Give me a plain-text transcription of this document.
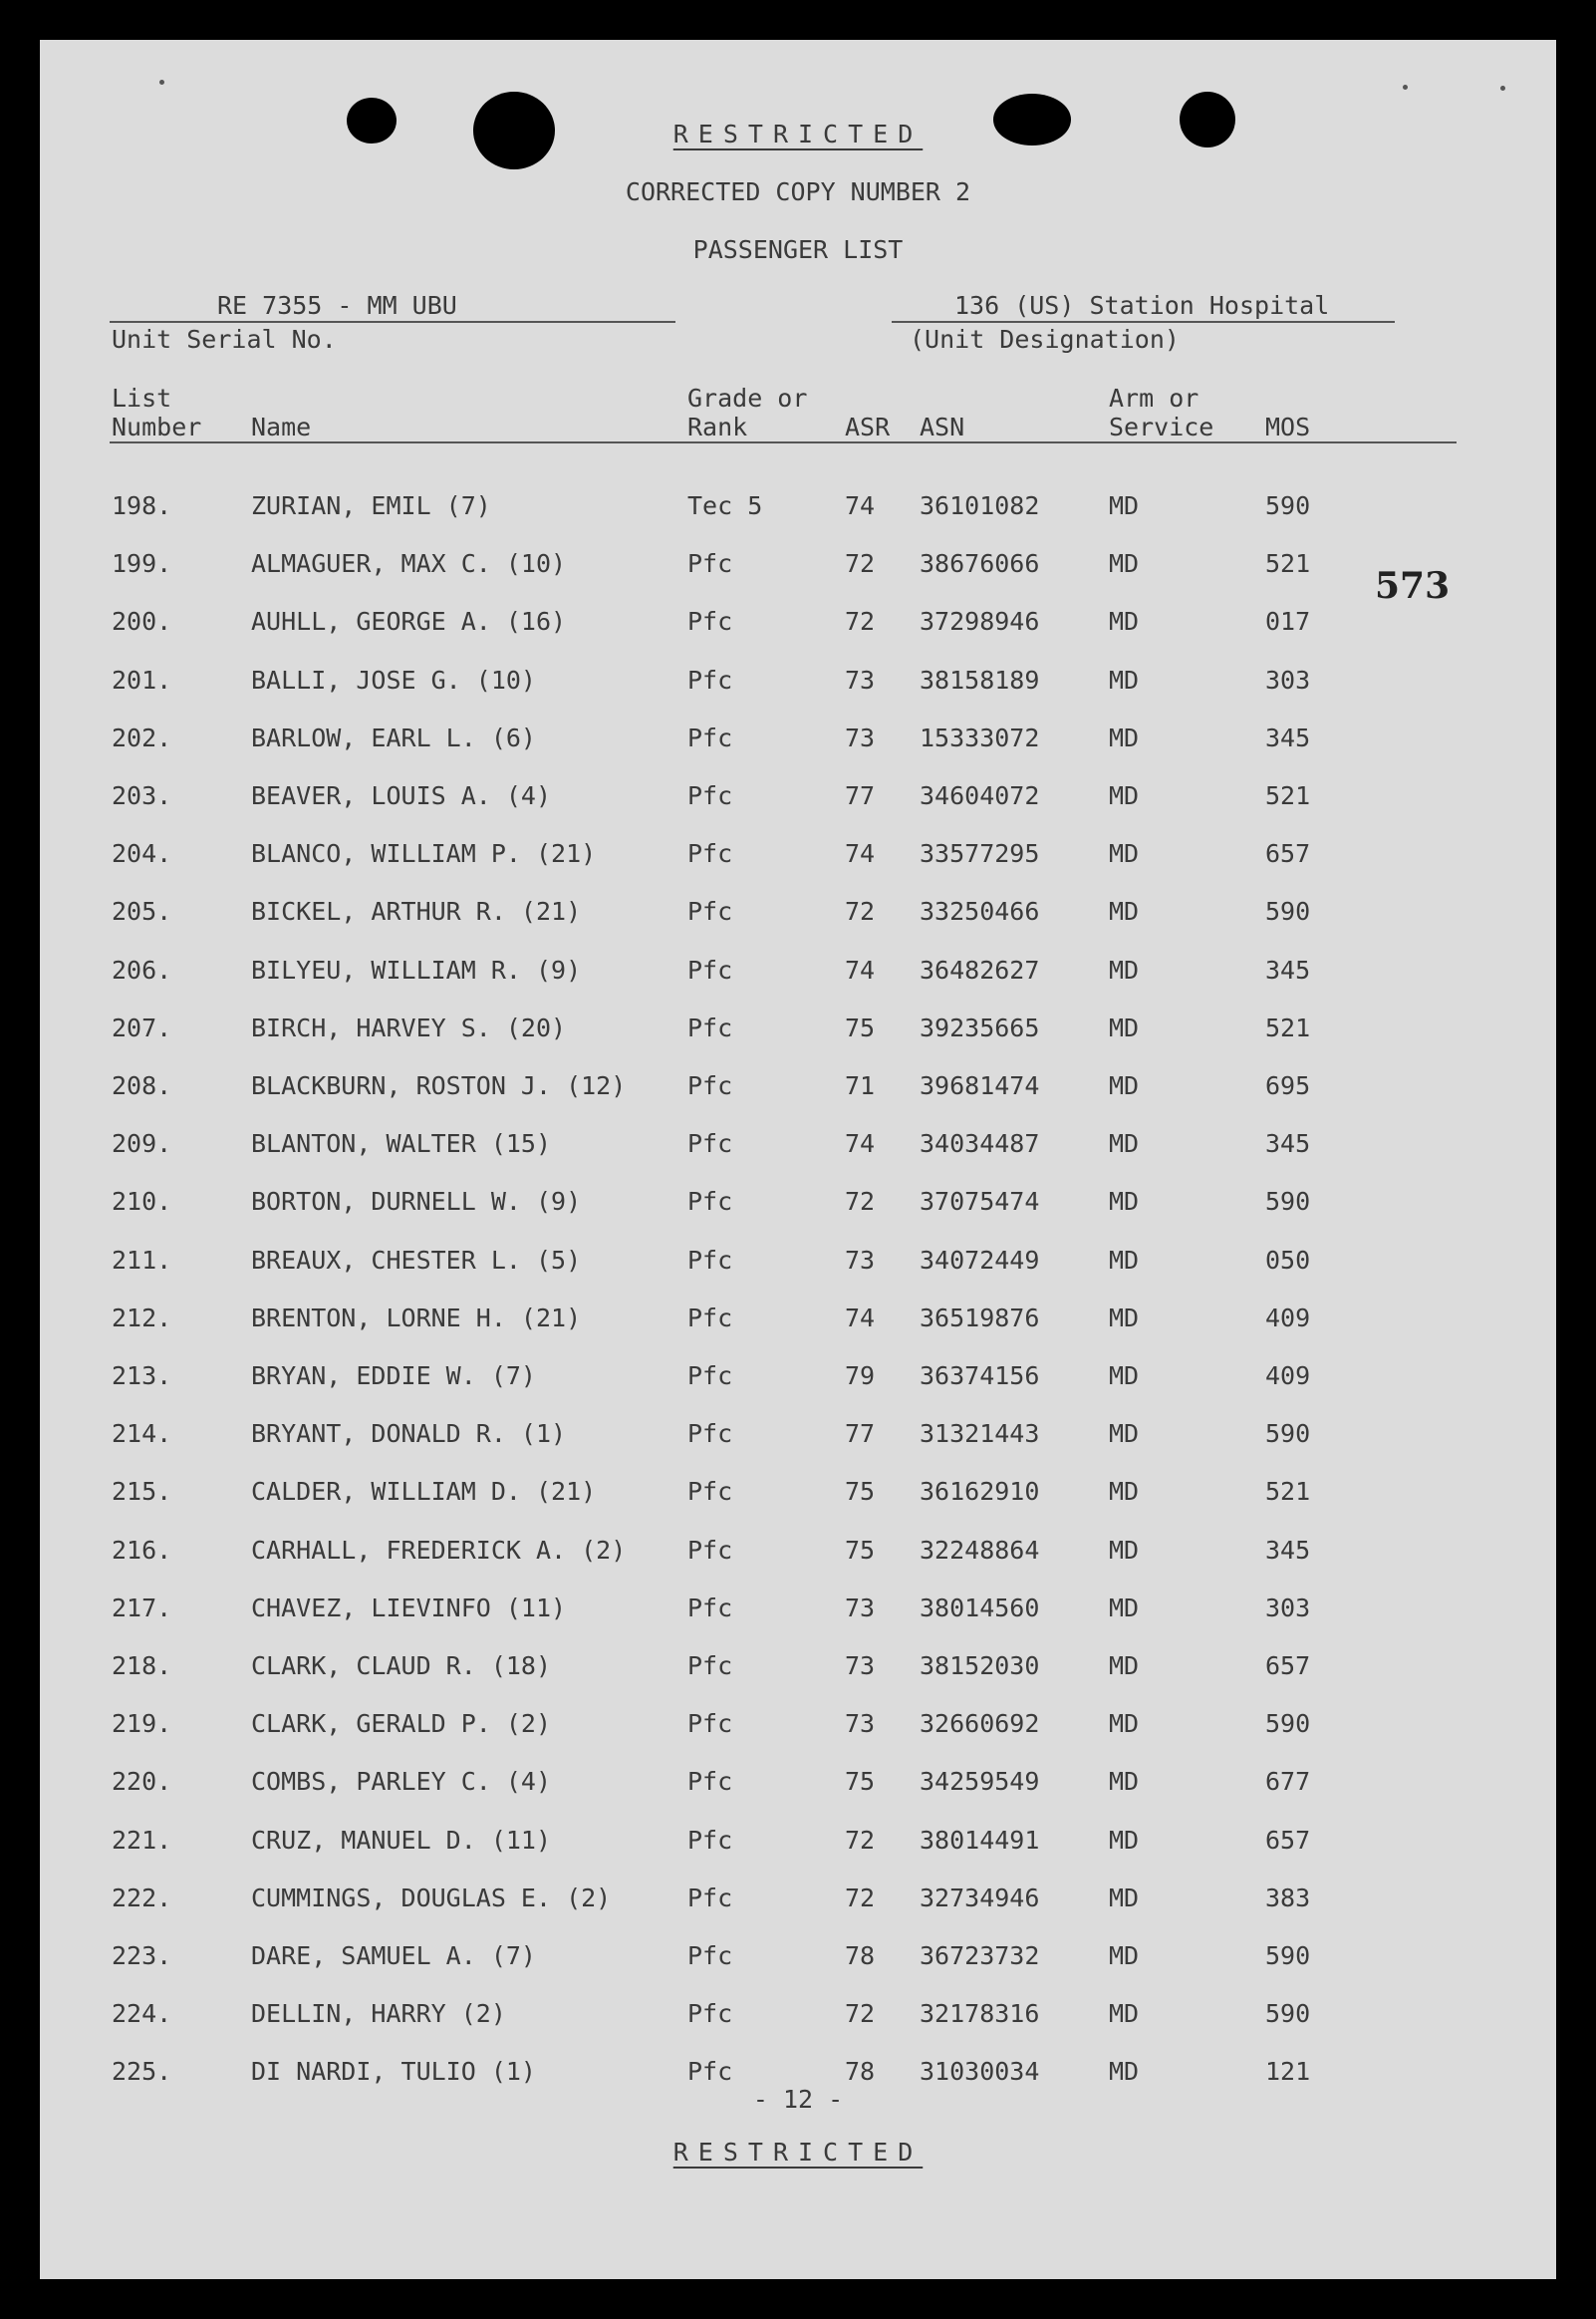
RESTRICTED
CORRECTED COPY NUMBER 2
PASSENGER LIST
RE 7355 - MM UBU
Unit Serial No.
136 (US) Station Hospital
(Unit Designation)
List
Number Name
Grade or
Rank	ASR ASN
Arm or
Service MOS
573
198.	ZURIAN, EMIL (7)	Tec 5	74 36101082	MD	590
199.	ALMAGUER, MAX C. (10)	Pfc	72 38676066	MD	521
200.	AUHLL, GEORGE A. (16)	Pfc	72 37298946	MD	017
201.	BALLI, JOSE G. (10)	Pfc	73 38158189	MD	303
202.	BARLOW, EARL L. (6)	Pfc	73 15333072	MD	345
203.	BEAVER, LOUIS A. (4)	Pfc	77 34604072	MD	521
204.	BLANCO, WILLIAM P. (21)	Pfc	74 33577295	MD	657
205.	BICKEL, ARTHUR R. (21)	Pfc	72 33250466	MD	590
206.	BILYEU, WILLIAM R. (9)	Pfc	74 36482627	MD	345
207.	BIRCH, HARVEY S. (20)	Pfc	75 39235665	MD	521
208.	BLACKBURN, ROSTON J. (12) Pfc	71 39681474	MD	695
209.	BLANTON, WALTER (15)	Pfc	74 34034487	MD	345
210.	BORTON, DURNELL W. (9)	Pfc	72 37075474	MD	590
211.	BREAUX, CHESTER L. (5)	Pfc	73 34072449	MD	050
212.	BRENTON, LORNE H. (21)	Pfc	74 36519876	MD	409
213.	BRYAN, EDDIE W. (7)	Pfc	79 36374156	MD	409
214.	BRYANT, DONALD R. (1)	Pfc	77 31321443	MD	590
215.	CALDER, WILLIAM D. (21)	Pfc	75 36162910	MD	521
216.	CARHALL, FREDERICK A. (2) Pfc	75 32248864	MD	345
217.	CHAVEZ, LIEVINFO (11)	Pfc	73 38014560	MD	303
218.	CLARK, CLAUD R. (18)	Pfc	73 38152030	MD	657
219.	CLARK, GERALD P. (2)	Pfc	73 32660692	MD	590
220.	COMBS, PARLEY C. (4)	Pfc	75 34259549	MD	677
221.	CRUZ, MANUEL D. (11)	Pfc	72 38014491	MD	657
222.	CUMMINGS, DOUGLAS E. (2)	Pfc	72 32734946	MD	383
223.	DARE, SAMUEL A. (7)	Pfc	78 36723732	MD	590
224.	DELLIN, HARRY (2)	Pfc	72 32178316	MD	590
225.	DI NARDI, TULIO (1)	Pfc	78 31030034	MD	121
- 12 -
RESTRICTED
